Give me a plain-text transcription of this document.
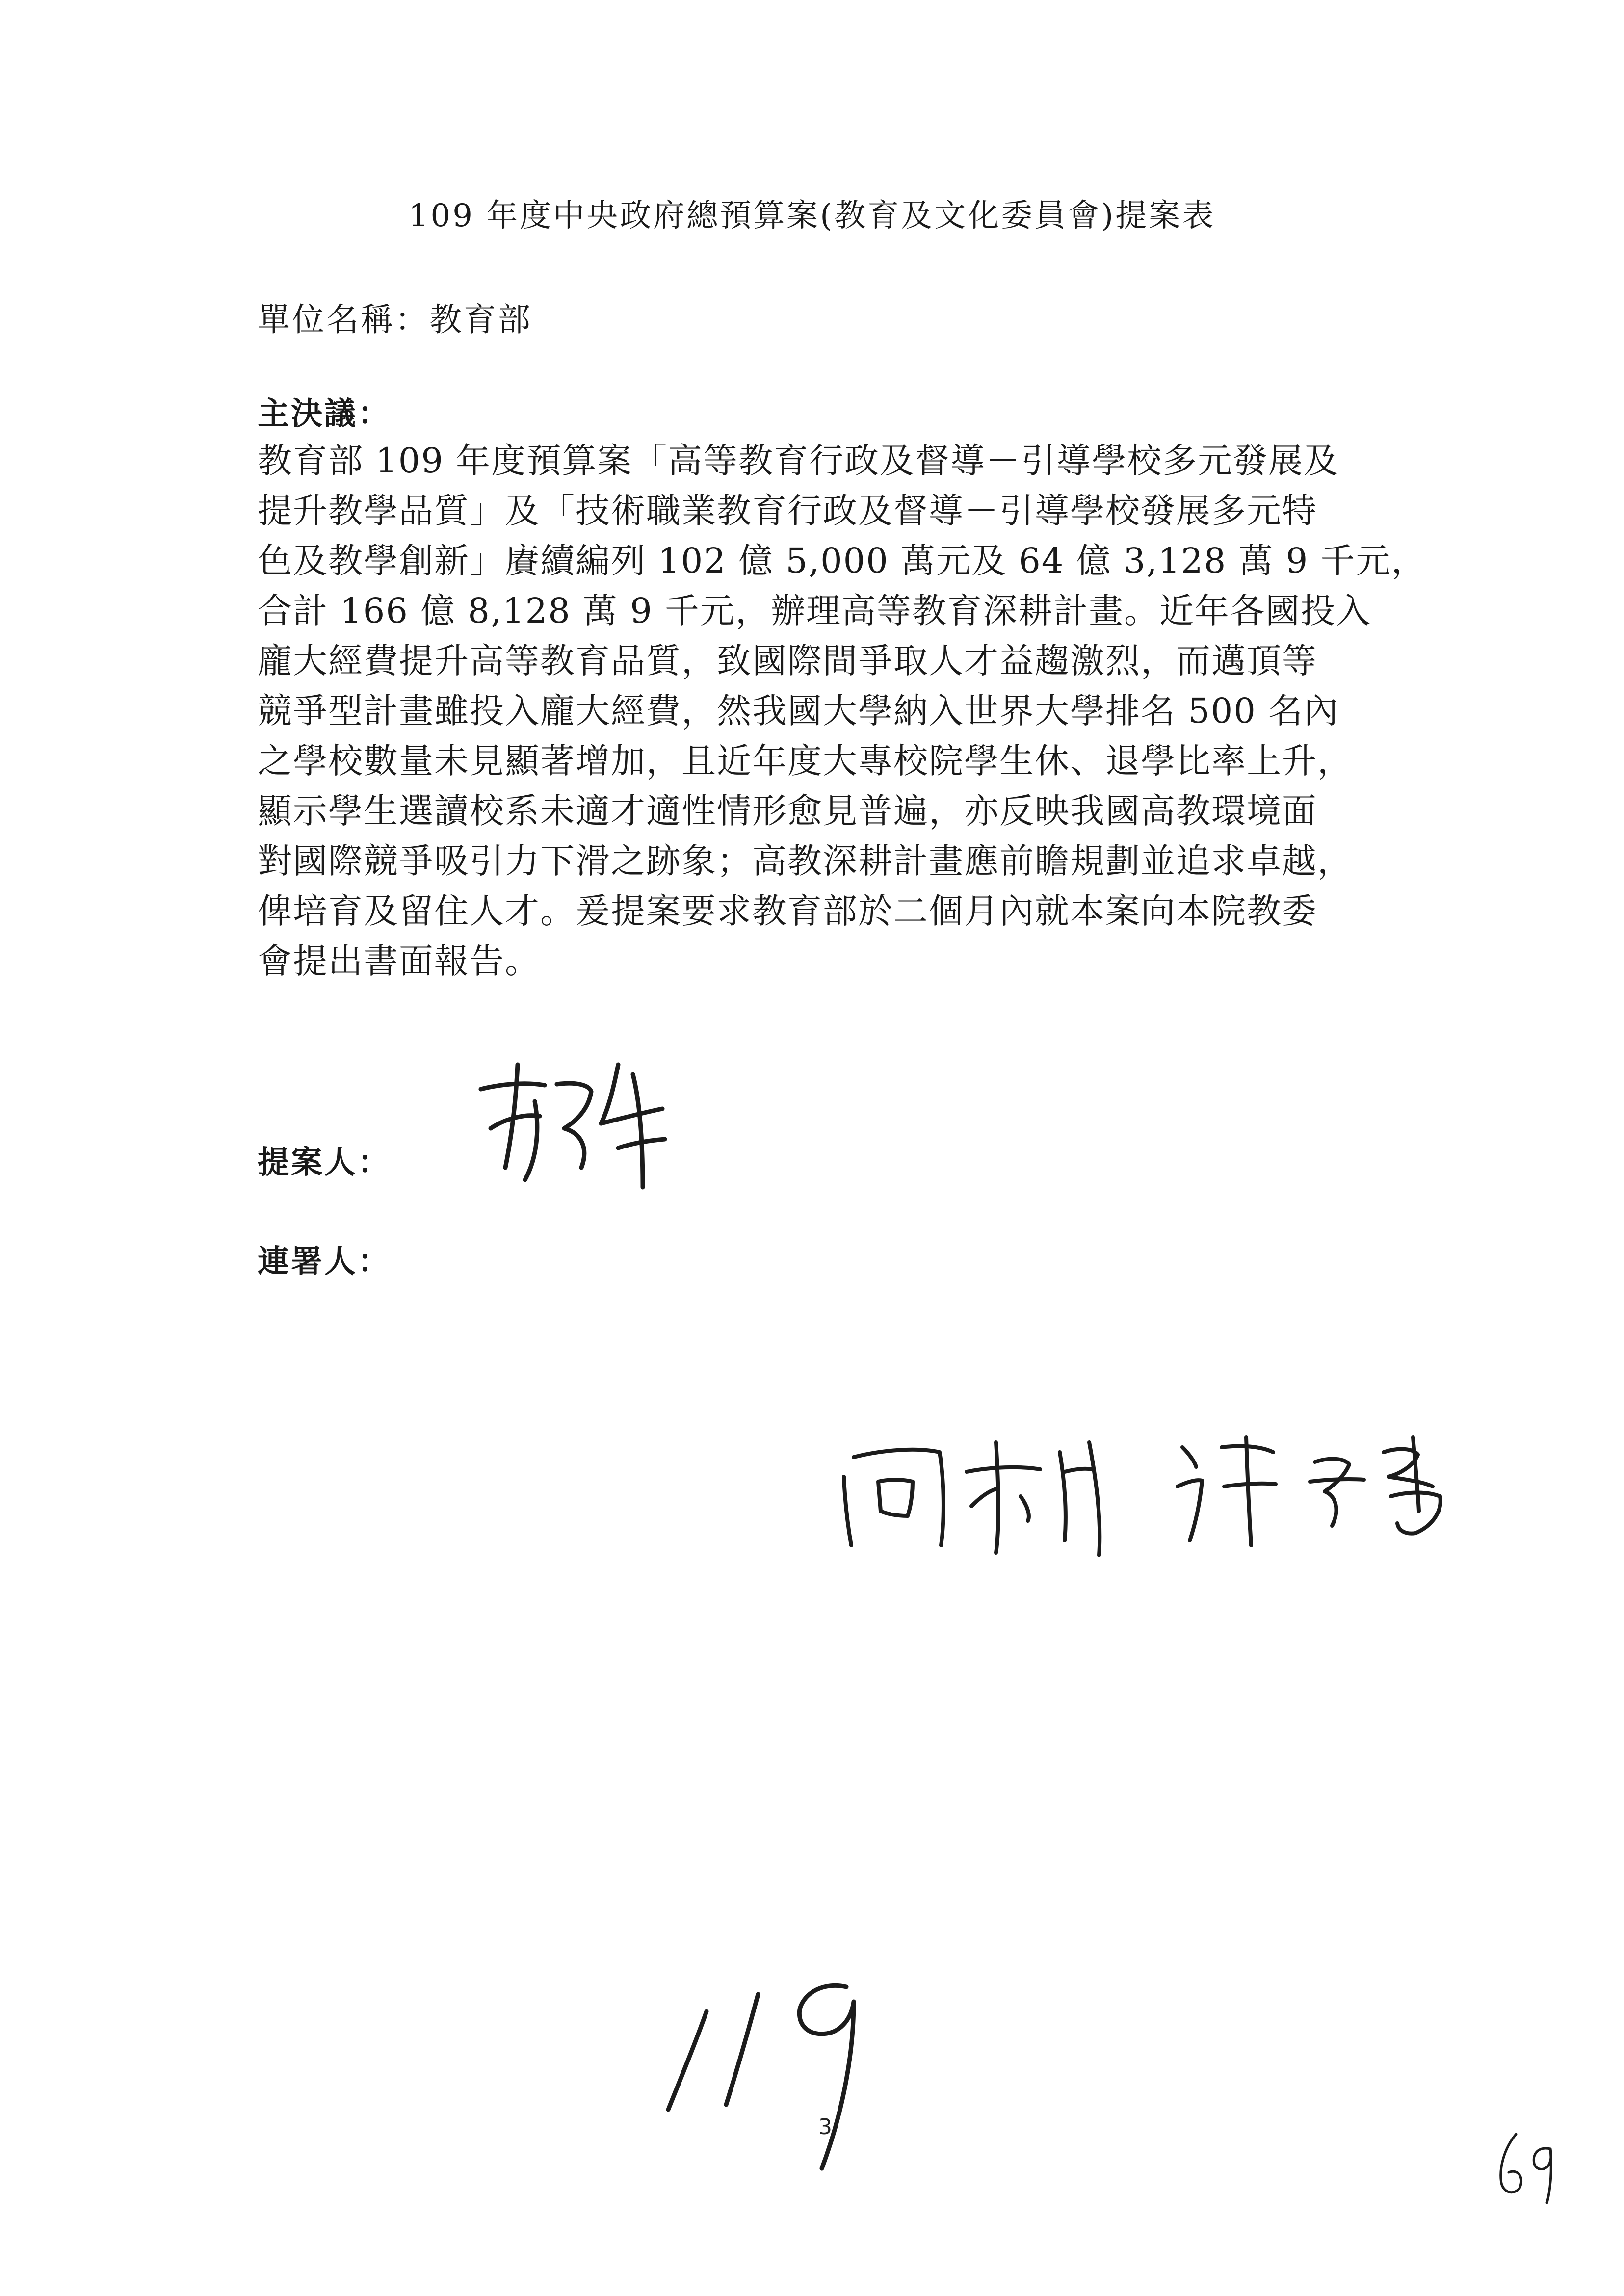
109 年度中央政府總預算案(教育及文化委員會)提案表
單位名稱：教育部
主決議：
教育部 109 年度預算案「高等教育行政及督導－引導學校多元發展及
提升教學品質」及「技術職業教育行政及督導－引導學校發展多元特
色及教學創新」賡續編列 102 億 5,000 萬元及 64 億 3,128 萬 9 千元，
合計 166 億 8,128 萬 9 千元，辦理高等教育深耕計畫。近年各國投入
龐大經費提升高等教育品質，致國際間爭取人才益趨激烈，而邁頂等
競爭型計畫雖投入龐大經費，然我國大學納入世界大學排名 500 名內
之學校數量未見顯著增加，且近年度大專校院學生休、退學比率上升，
顯示學生選讀校系未適才適性情形愈見普遍，亦反映我國高教環境面
對國際競爭吸引力下滑之跡象；高教深耕計畫應前瞻規劃並追求卓越，
俾培育及留住人才。爰提案要求教育部於二個月內就本案向本院教委
會提出書面報告。
提案人：
連署人：
3
